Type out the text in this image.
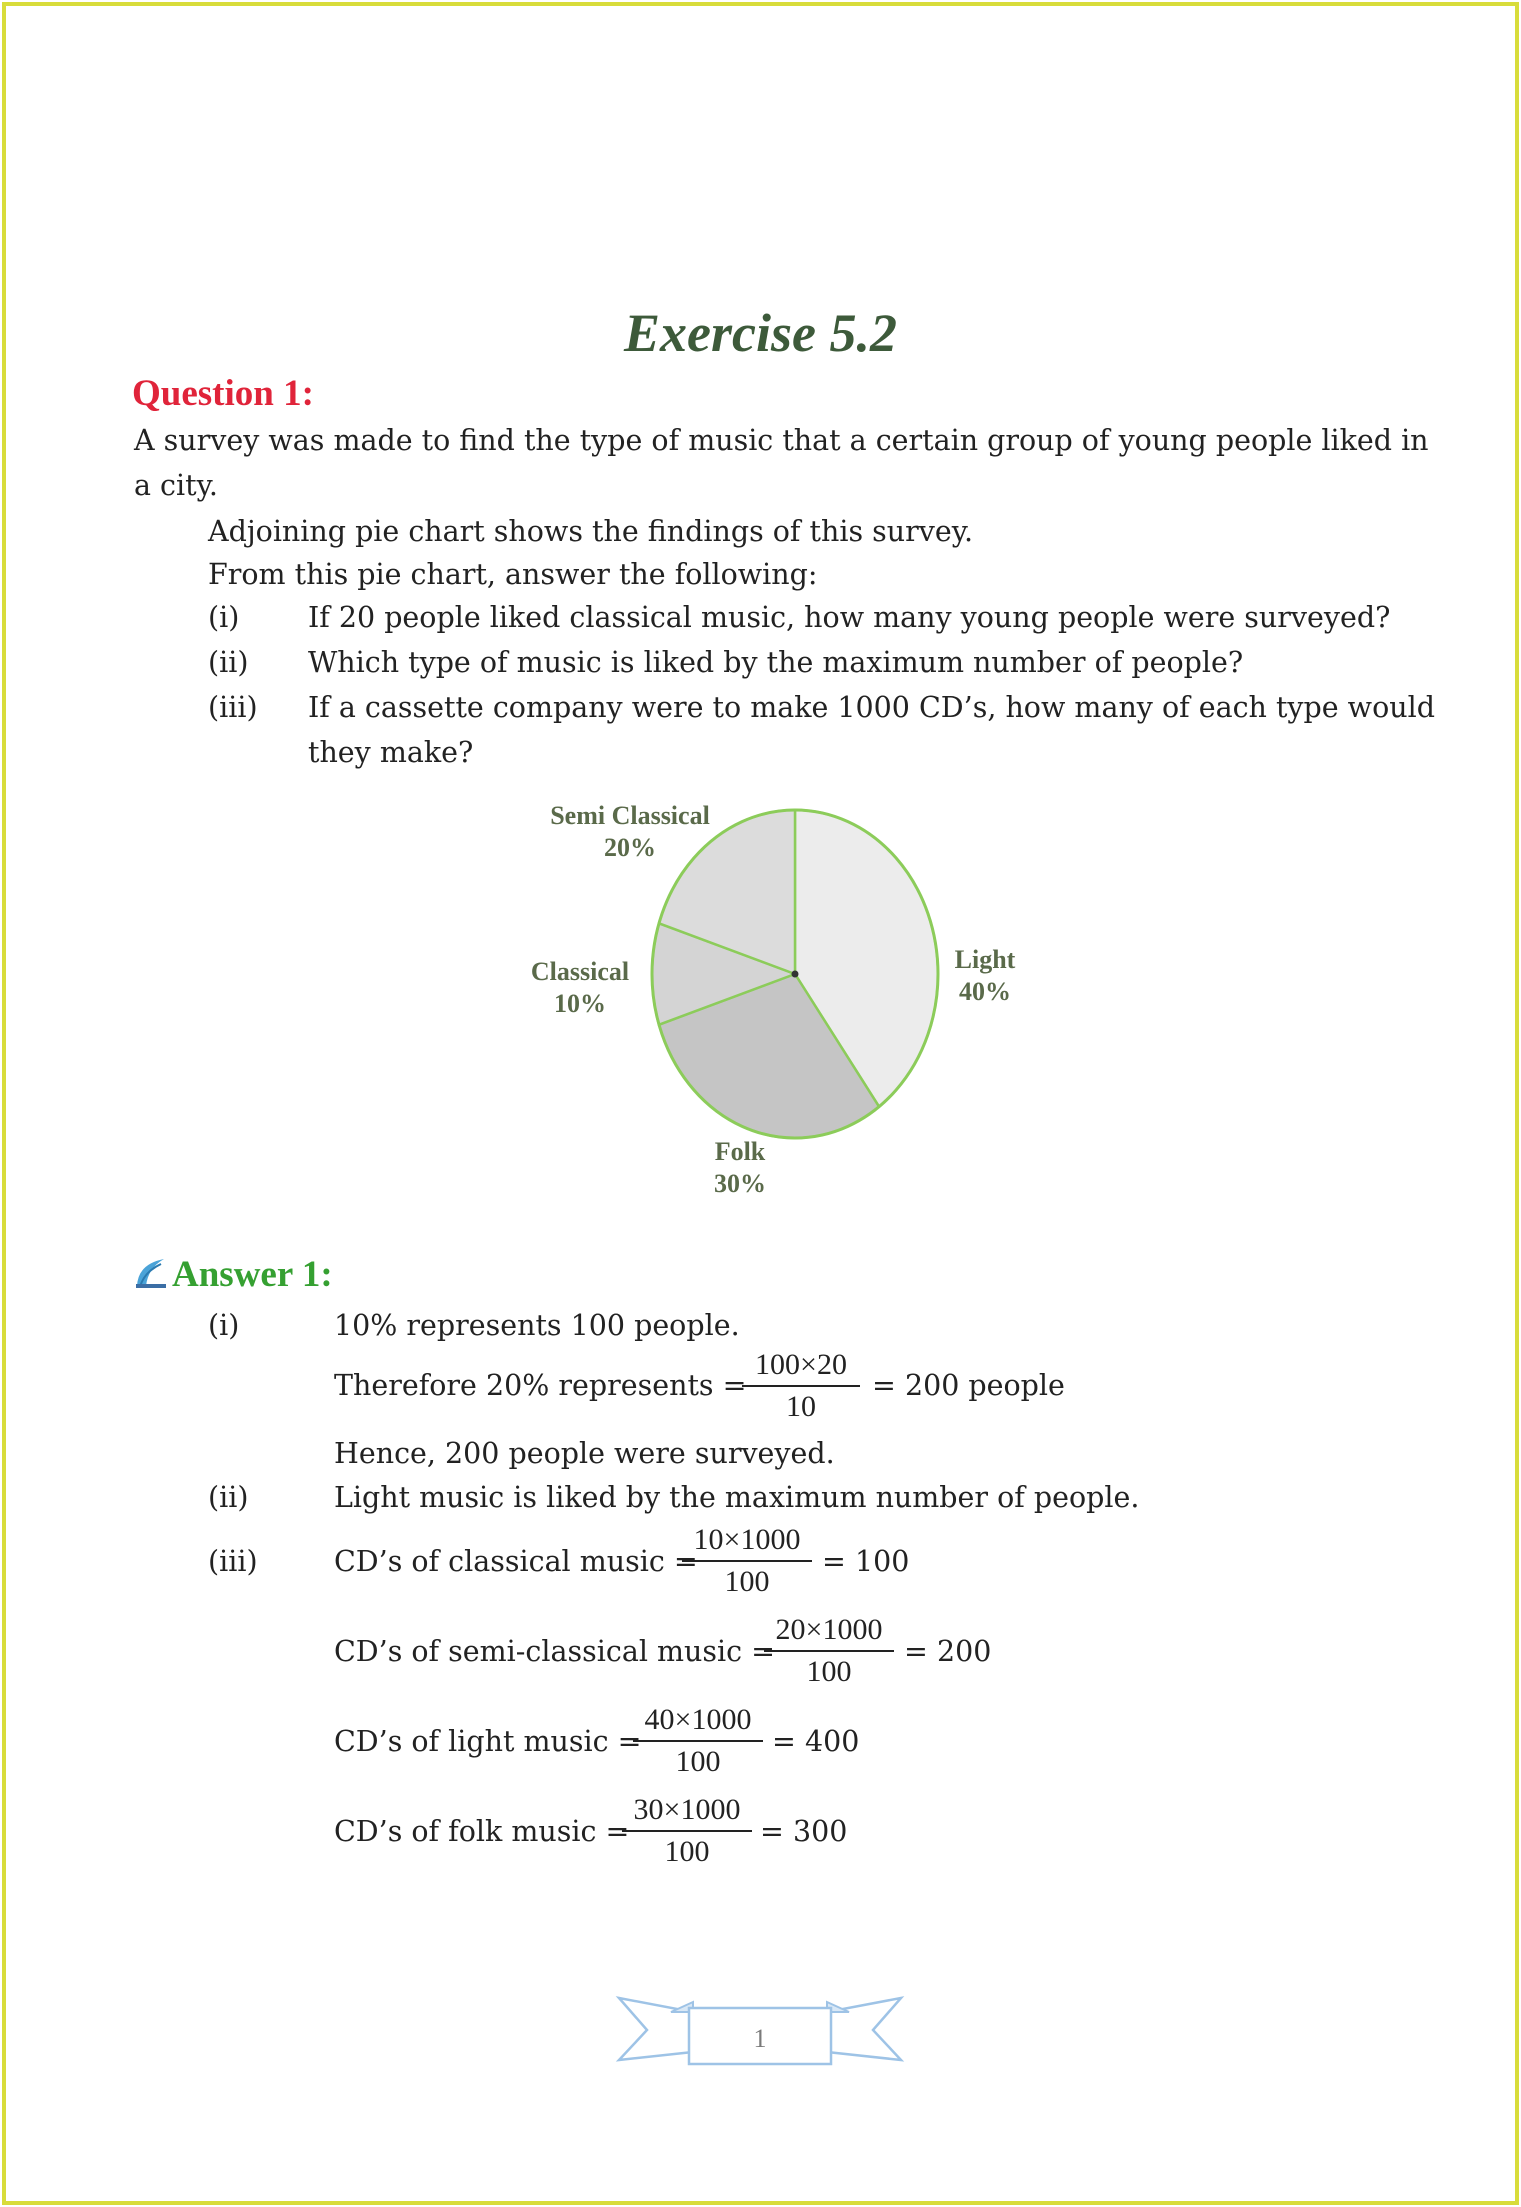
Exercise 5.2
Question 1:
A survey was made to find the type of music that a certain group of young people liked in
a city.
Adjoining pie chart shows the findings of this survey.
From this pie chart, answer the following:
(i) If 20 people liked classical music, how many young people were surveyed?
(ii) Which type of music is liked by the maximum number of people?
(iii) If a cassette company were to make 1000 CD’s, how many of each type would
they make?
Semi Classical
20%
Classical
10%
Light
40%
Folk
30%
Answer 1:
(i)	10% represents 100 people.
Therefore 20% represents =
100×20
10
= 200 people
Hence, 200 people were surveyed.
(ii)	Light music is liked by the maximum number of people.
(iii)	CD’s of classical music =
10×1000
100
= 100
CD’s of semi-classical music =
20×1000
100
= 200
CD’s of light music =
40×1000
100
= 400
CD’s of folk music =
30×1000
100
= 300
1
